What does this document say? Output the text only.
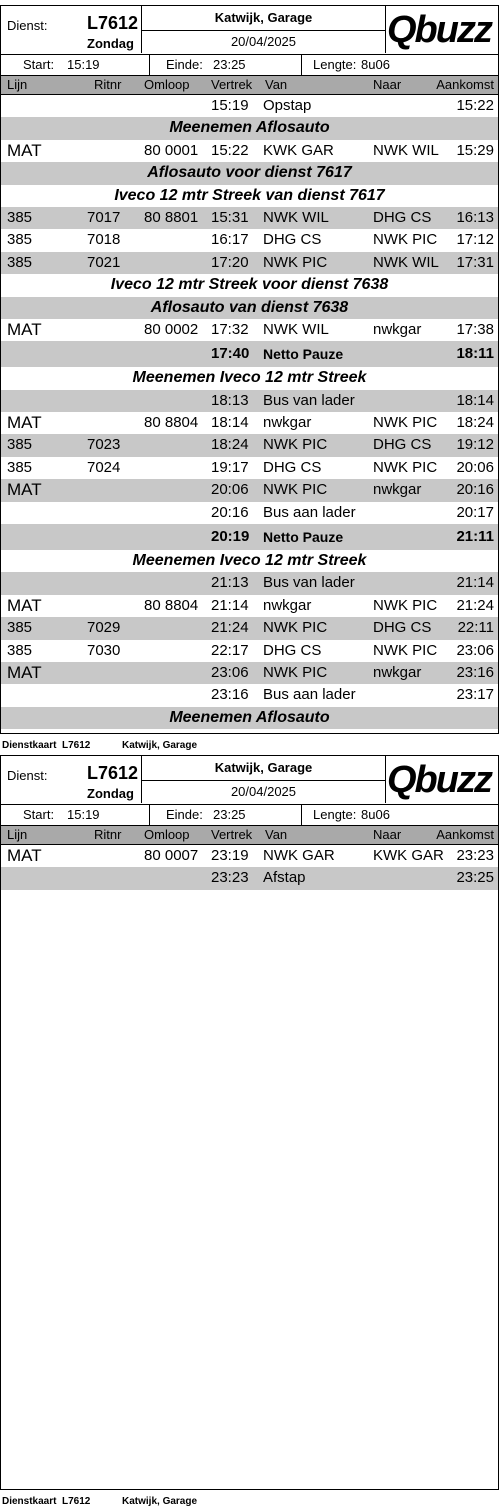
Dienst: L7612
Zondag
Katwijk, Garage
20/04/2025	Qbuzz
Start: 15:19	Einde: 23:25	Lengte: 8u06
Lijn	Ritnr Omloop Vertrek Van	Naar	Aankomst
15:19 Opstap	15:22
Meenemen Aflosauto
MAT	80 0001 15:22 KWK GAR	NWK WIL 15:29
Aflosauto voor dienst 7617
Iveco 12 mtr Streek van dienst 7617
385	7017 80 8801 15:31 NWK WIL	DHG CS 16:13
385	7018	16:17 DHG CS	NWK PIC 17:12
385	7021	17:20 NWK PIC	NWK WIL 17:31
Iveco 12 mtr Streek voor dienst 7638
Aflosauto van dienst 7638
MAT	80 0002 17:32 NWK WIL	nwkgar 17:38
17:40 Netto Pauze	18:11
Meenemen Iveco 12 mtr Streek
18:13 Bus van lader	18:14
MAT	80 8804 18:14 nwkgar	NWK PIC 18:24
385	7023	18:24 NWK PIC	DHG CS 19:12
385	7024	19:17 DHG CS	NWK PIC 20:06
MAT	20:06 NWK PIC	nwkgar 20:16
20:16 Bus aan lader	20:17
20:19 Netto Pauze	21:11
Meenemen Iveco 12 mtr Streek
21:13 Bus van lader	21:14
MAT	80 8804 21:14 nwkgar	NWK PIC 21:24
385	7029	21:24 NWK PIC	DHG CS 22:11
385	7030	22:17 DHG CS	NWK PIC 23:06
MAT	23:06 NWK PIC	nwkgar 23:16
23:16 Bus aan lader	23:17
Meenemen Aflosauto
Dienstkaart L7612	Katwijk, Garage
Dienst: L7612
Zondag
Katwijk, Garage
20/04/2025	Qbuzz
Start: 15:19	Einde: 23:25	Lengte: 8u06
Lijn	Ritnr Omloop Vertrek Van	Naar	Aankomst
MAT	80 0007 23:19 NWK GAR	KWK GAR 23:23
23:23 Afstap	23:25
Dienstkaart L7612	Katwijk, Garage
